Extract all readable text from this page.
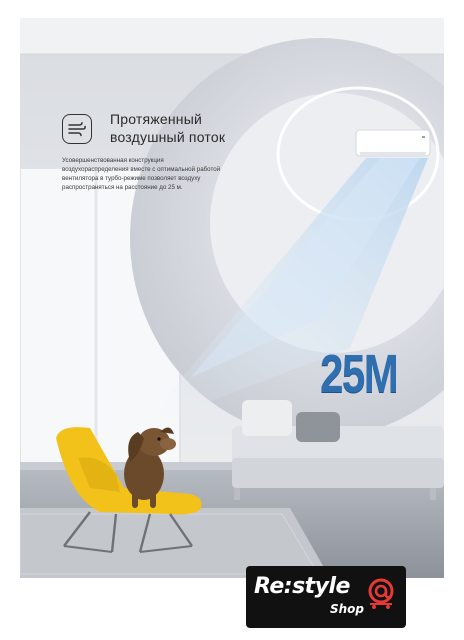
Протяженный воздушный поток
Усовершенствованная конструкция воздухораспределения вместе с оптимальной работой вентилятора в турбо-режиме позволяет воздуху распространяться на расстояние до 25 м.
25M
Re:style
Shop
